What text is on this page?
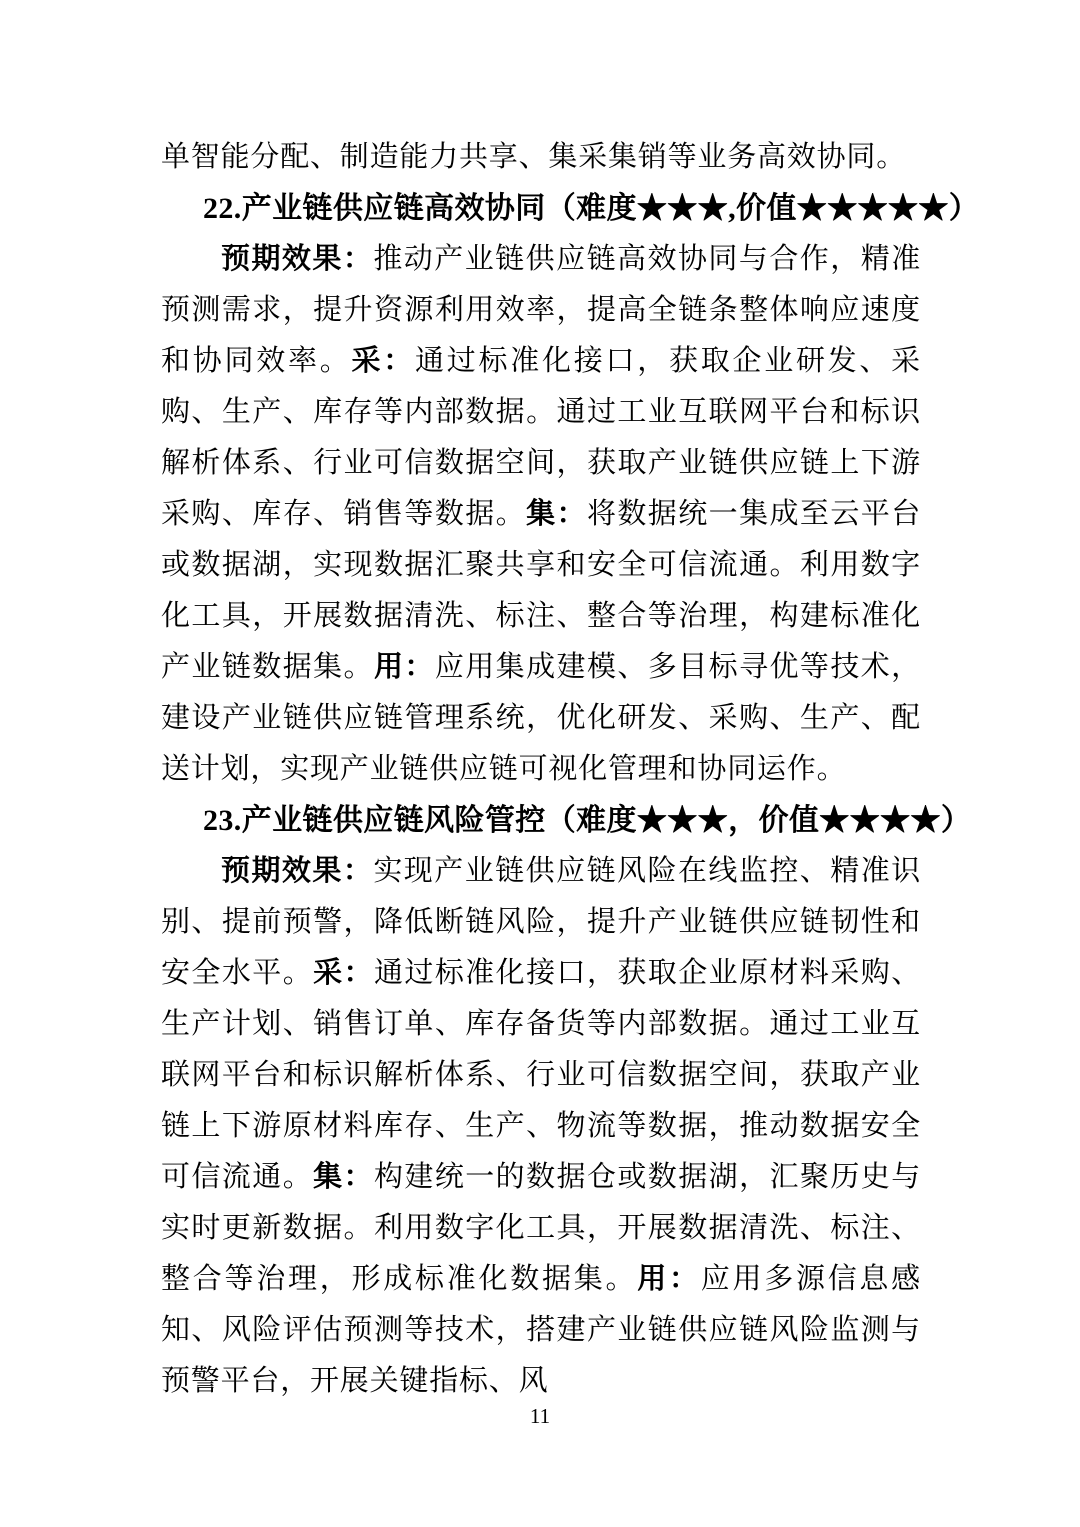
单智能分配、制造能力共享、集采集销等业务高效协同。

22.产业链供应链高效协同（难度★★★,价值★★★★★）

预期效果：推动产业链供应链高效协同与合作，精准预测需求，提升资源利用效率，提高全链条整体响应速度和协同效率。采：通过标准化接口，获取企业研发、采购、生产、库存等内部数据。通过工业互联网平台和标识解析体系、行业可信数据空间，获取产业链供应链上下游采购、库存、销售等数据。集：将数据统一集成至云平台或数据湖，实现数据汇聚共享和安全可信流通。利用数字化工具，开展数据清洗、标注、整合等治理，构建标准化产业链数据集。用：应用集成建模、多目标寻优等技术，建设产业链供应链管理系统，优化研发、采购、生产、配送计划，实现产业链供应链可视化管理和协同运作。

23.产业链供应链风险管控（难度★★★，价值★★★★）

预期效果：实现产业链供应链风险在线监控、精准识别、提前预警，降低断链风险，提升产业链供应链韧性和安全水平。采：通过标准化接口，获取企业原材料采购、生产计划、销售订单、库存备货等内部数据。通过工业互联网平台和标识解析体系、行业可信数据空间，获取产业链上下游原材料库存、生产、物流等数据，推动数据安全可信流通。集：构建统一的数据仓或数据湖，汇聚历史与实时更新数据。利用数字化工具，开展数据清洗、标注、整合等治理，形成标准化数据集。用：应用多源信息感知、风险评估预测等技术，搭建产业链供应链风险监测与预警平台，开展关键指标、风

11
